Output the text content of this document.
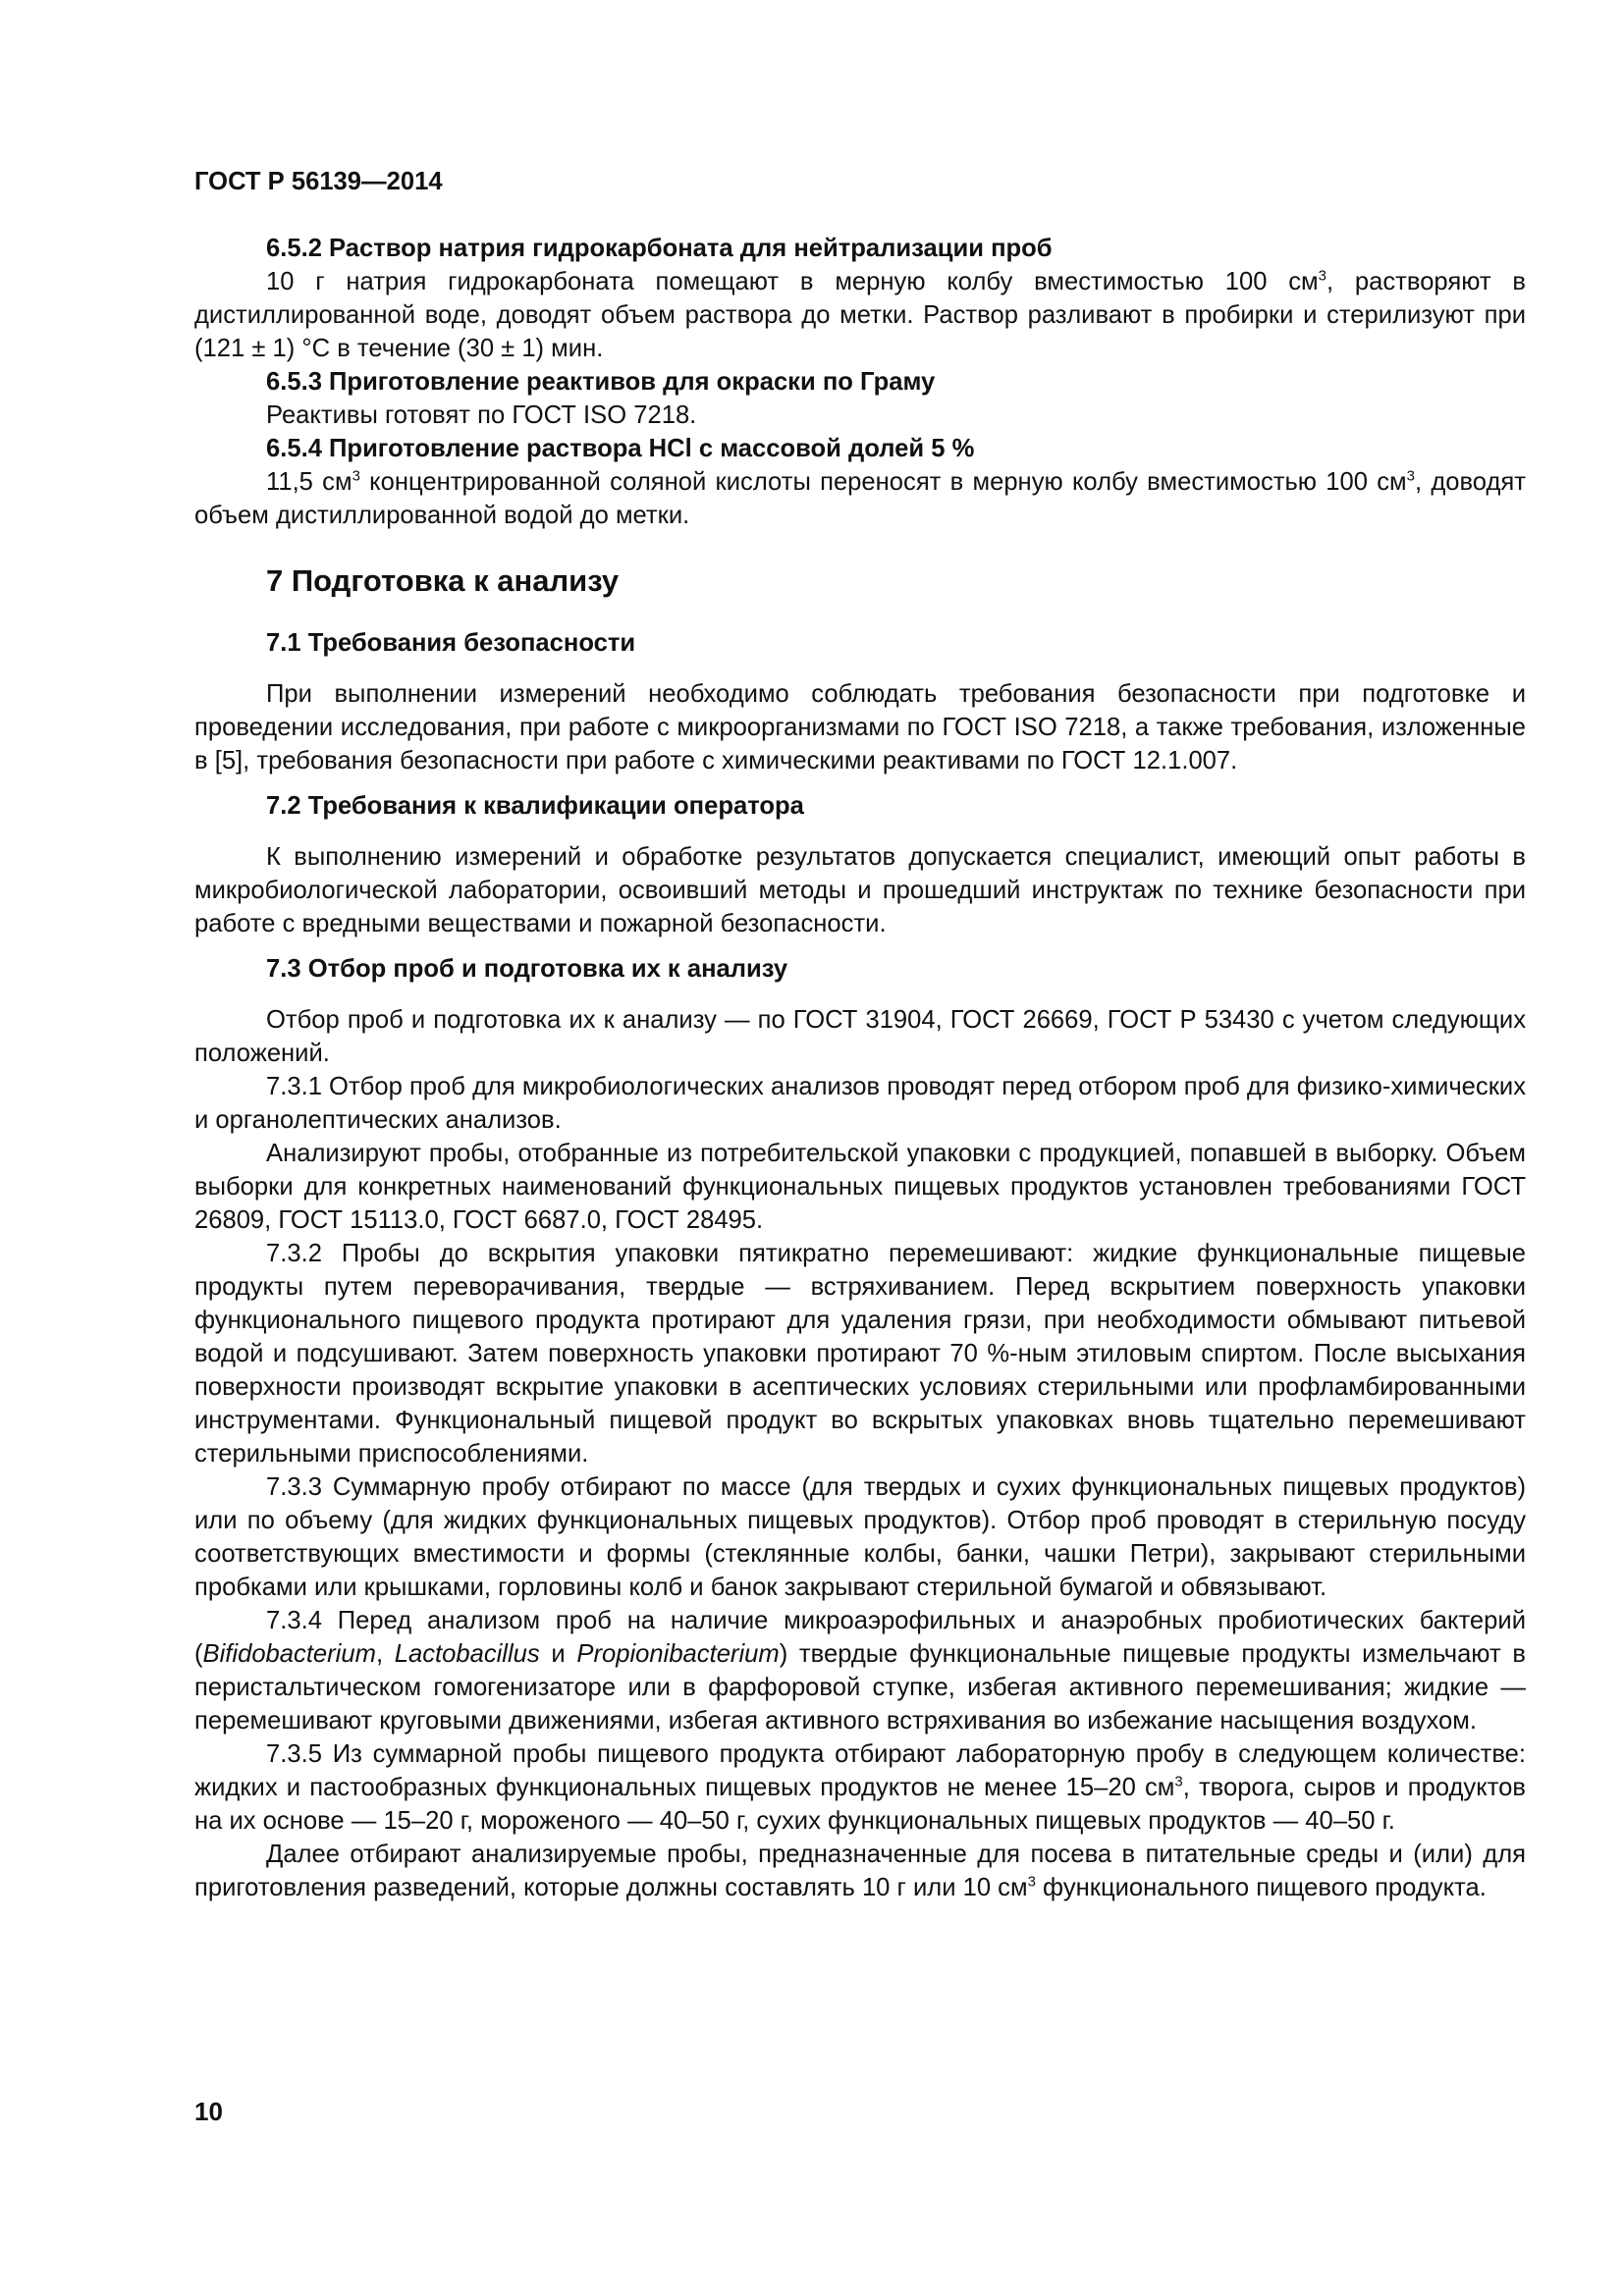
ГОСТ Р 56139—2014

6.5.2 Раствор натрия гидрокарбоната для нейтрализации проб

10 г натрия гидрокарбоната помещают в мерную колбу вместимостью 100 $см^3$, растворяют в дистиллированной воде, доводят объем раствора до метки. Раствор разливают в пробирки и стерилизуют при (121 ± 1) °С в течение (30 ± 1) мин.

6.5.3 Приготовление реактивов для окраски по Граму

Реактивы готовят по ГОСТ ISO 7218.

6.5.4 Приготовление раствора HCl с массовой долей 5 %

11,5 $см^3$ концентрированной соляной кислоты переносят в мерную колбу вместимостью 100 $см^3$, доводят объем дистиллированной водой до метки.

7 Подготовка к анализу

7.1 Требования безопасности

При выполнении измерений необходимо соблюдать требования безопасности при подготовке и проведении исследования, при работе с микроорганизмами по ГОСТ ISO 7218, а также требования, изложенные в [5], требования безопасности при работе с химическими реактивами по ГОСТ 12.1.007.

7.2 Требования к квалификации оператора

К выполнению измерений и обработке результатов допускается специалист, имеющий опыт работы в микробиологической лаборатории, освоивший методы и прошедший инструктаж по технике безопасности при работе с вредными веществами и пожарной безопасности.

7.3 Отбор проб и подготовка их к анализу

Отбор проб и подготовка их к анализу — по ГОСТ 31904, ГОСТ 26669, ГОСТ Р 53430 с учетом следующих положений.

7.3.1 Отбор проб для микробиологических анализов проводят перед отбором проб для физико-химических и органолептических анализов.

Анализируют пробы, отобранные из потребительской упаковки с продукцией, попавшей в выборку. Объем выборки для конкретных наименований функциональных пищевых продуктов установлен требованиями ГОСТ 26809, ГОСТ 15113.0, ГОСТ 6687.0, ГОСТ 28495.

7.3.2 Пробы до вскрытия упаковки пятикратно перемешивают: жидкие функциональные пищевые продукты путем переворачивания, твердые — встряхиванием. Перед вскрытием поверхность упаковки функционального пищевого продукта протирают для удаления грязи, при необходимости обмывают питьевой водой и подсушивают. Затем поверхность упаковки протирают 70 %-ным этиловым спиртом. После высыхания поверхности производят вскрытие упаковки в асептических условиях стерильными или профламбированными инструментами. Функциональный пищевой продукт во вскрытых упаковках вновь тщательно перемешивают стерильными приспособлениями.

7.3.3 Суммарную пробу отбирают по массе (для твердых и сухих функциональных пищевых продуктов) или по объему (для жидких функциональных пищевых продуктов). Отбор проб проводят в стерильную посуду соответствующих вместимости и формы (стеклянные колбы, банки, чашки Петри), закрывают стерильными пробками или крышками, горловины колб и банок закрывают стерильной бумагой и обвязывают.

7.3.4 Перед анализом проб на наличие микроаэрофильных и анаэробных пробиотических бактерий (Bifidobacterium, Lactobacillus и Propionibacterium) твердые функциональные пищевые продукты измельчают в перистальтическом гомогенизаторе или в фарфоровой ступке, избегая активного перемешивания; жидкие — перемешивают круговыми движениями, избегая активного встряхивания во избежание насыщения воздухом.

7.3.5 Из суммарной пробы пищевого продукта отбирают лабораторную пробу в следующем количестве: жидких и пастообразных функциональных пищевых продуктов не менее 15–20 $см^3$, творога, сыров и продуктов на их основе — 15–20 г, мороженого — 40–50 г, сухих функциональных пищевых продуктов — 40–50 г.

Далее отбирают анализируемые пробы, предназначенные для посева в питательные среды и (или) для приготовления разведений, которые должны составлять 10 г или 10 $см^3$ функционального пищевого продукта.

10
